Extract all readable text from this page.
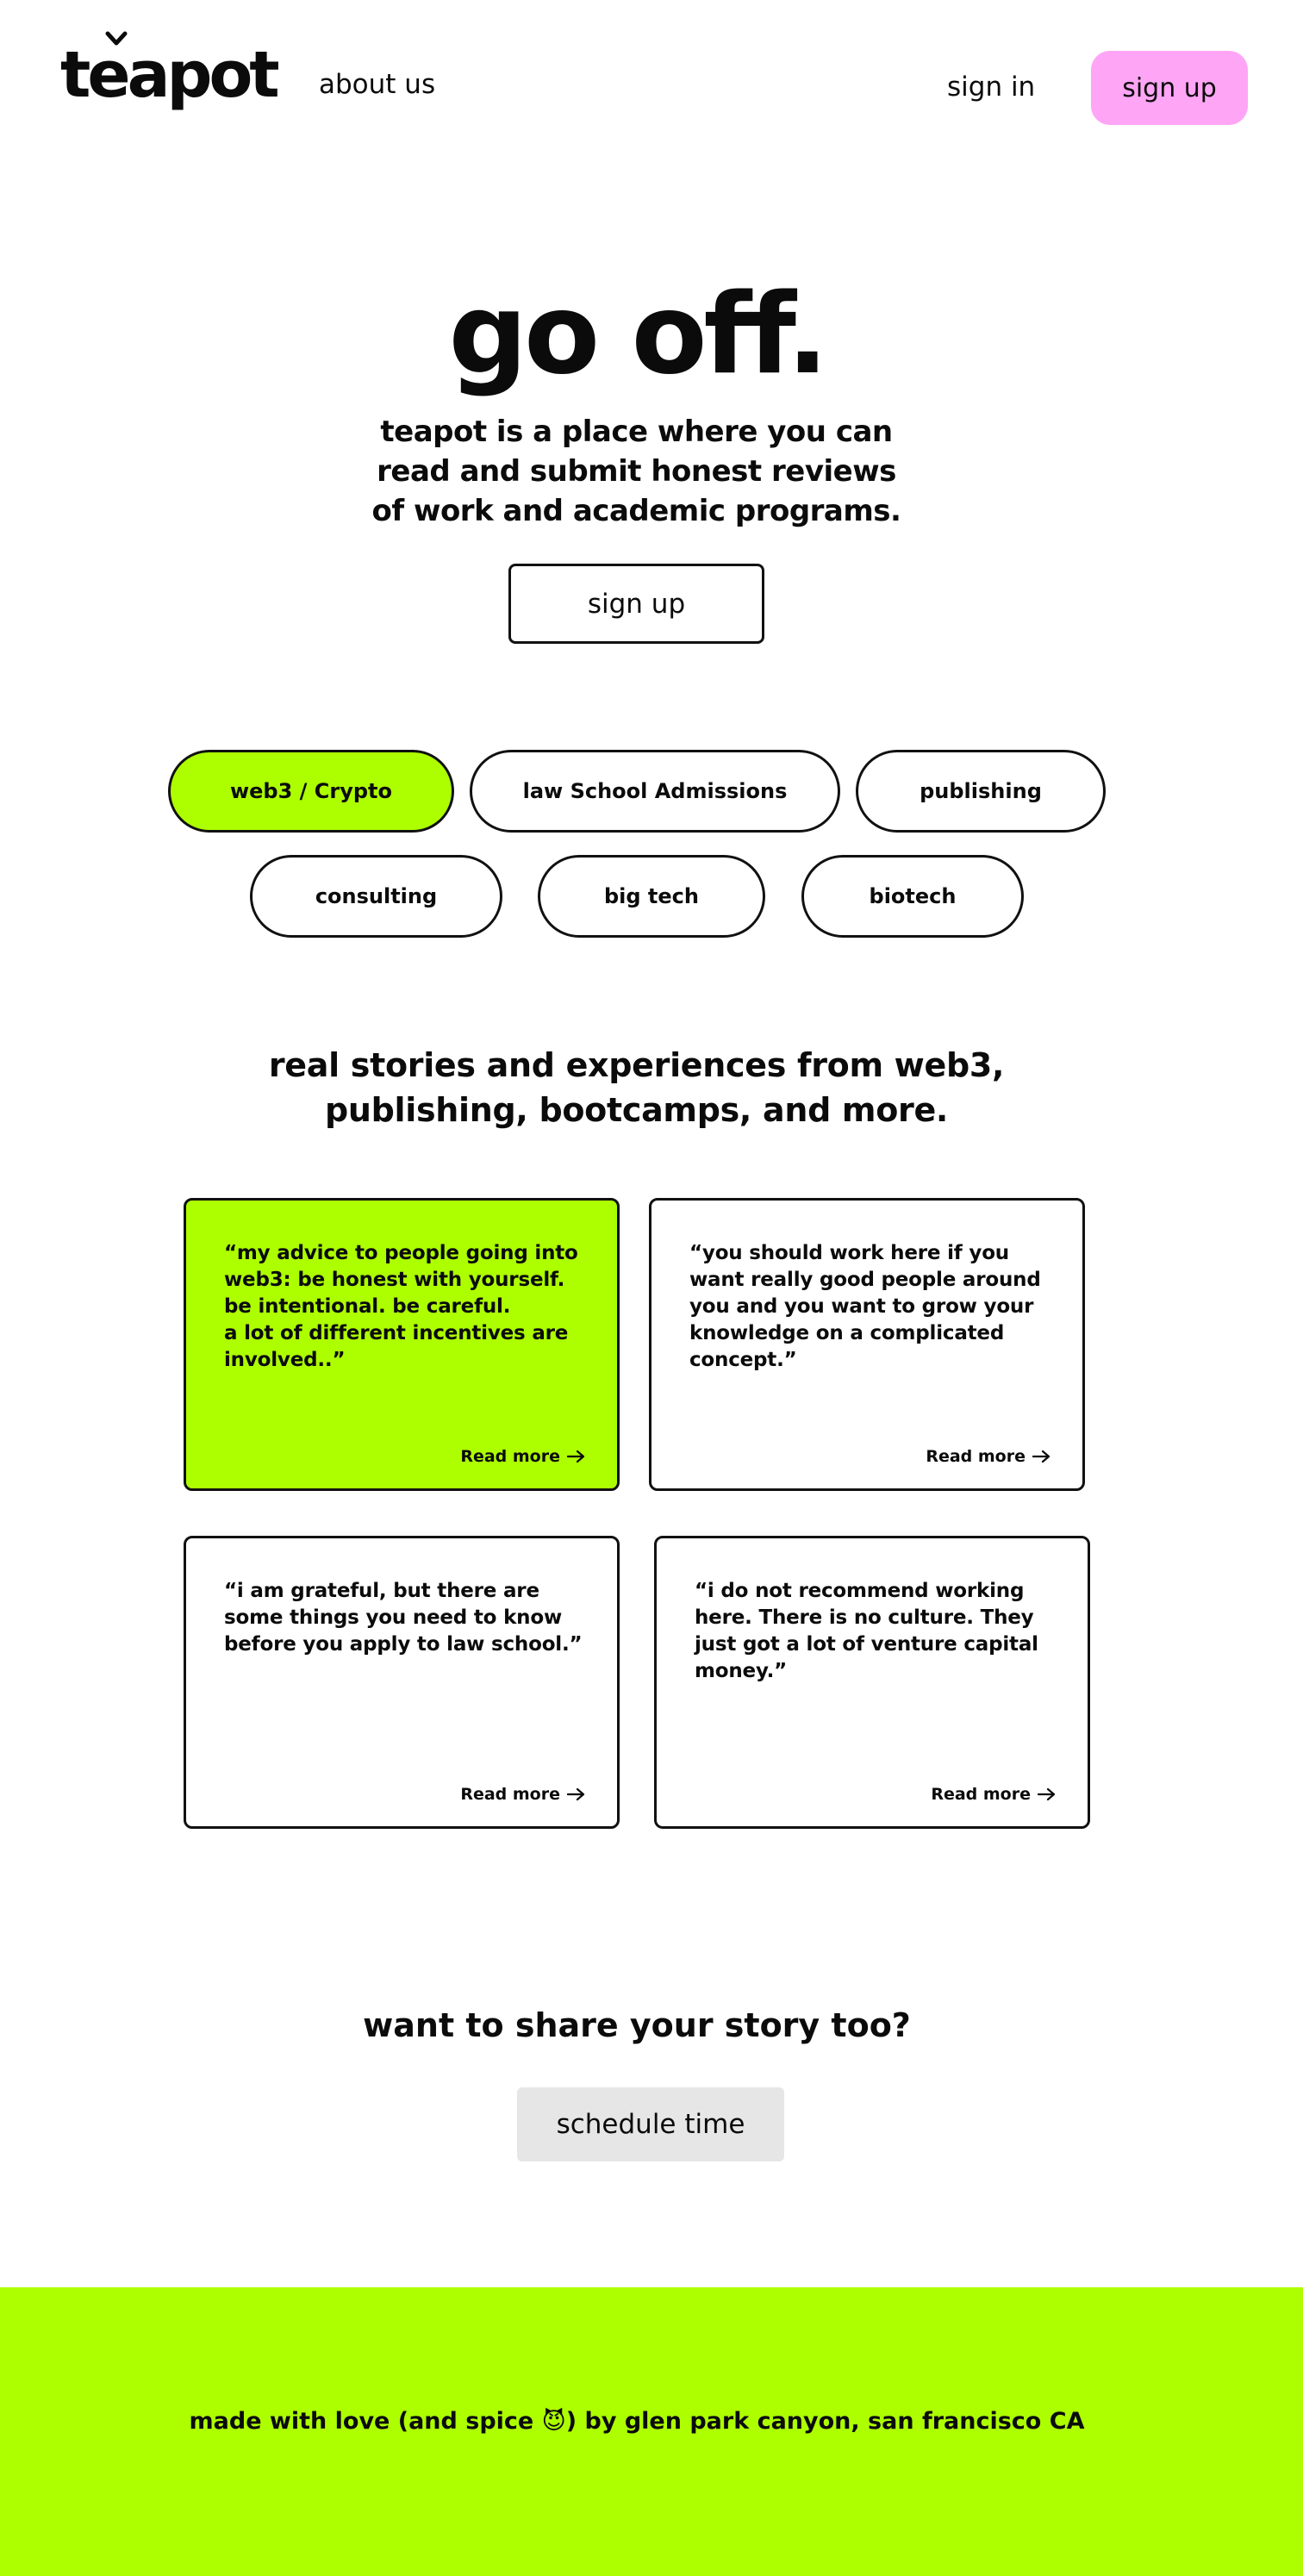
teapot about us	sign in	sign up
go off.

teapot is a place where you can read and submit honest reviews of work and academic programs.

sign up
web3 / Crypto	law School Admissions	publishing
consulting	big tech	biotech
real stories and experiences from web3, publishing, bootcamps, and more.

“my advice to people going into web3: be honest with yourself. be intentional. be careful.
a lot of different incentives are involved..”

Read more

“you should work here if you want really good people around you and you want to grow your knowledge on a complicated concept.”

Read more

“i am grateful, but there are some things you need to know before you apply to law school.”

Read more

“i do not recommend working here. There is no culture. They just got a lot of venture capital money.”

Read more
want to share your story too?
schedule time

made with love (and spice 😈) by glen park canyon, san francisco CA
